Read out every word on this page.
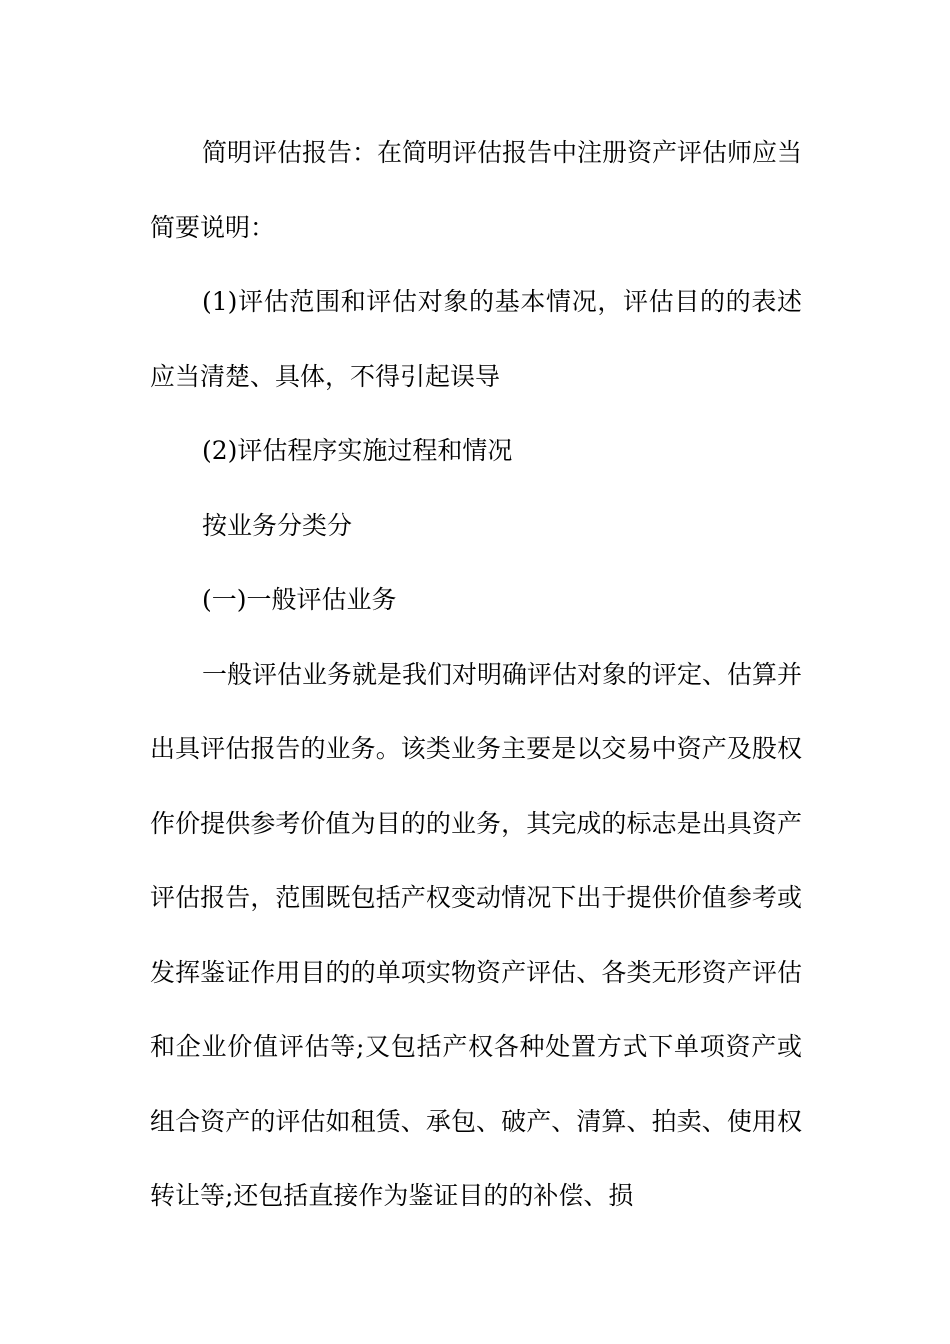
简明评估报告：在简明评估报告中注册资产评估师应当简要说明：

(1)评估范围和评估对象的基本情况，评估目的的表述应当清楚、具体，不得引起误导

(2)评估程序实施过程和情况

按业务分类分

(一)一般评估业务

一般评估业务就是我们对明确评估对象的评定、估算并出具评估报告的业务。该类业务主要是以交易中资产及股权作价提供参考价值为目的的业务，其完成的标志是出具资产评估报告，范围既包括产权变动情况下出于提供价值参考或发挥鉴证作用目的的单项实物资产评估、各类无形资产评估和企业价值评估等;又包括产权各种处置方式下单项资产或组合资产的评估如租赁、承包、破产、清算、拍卖、使用权转让等;还包括直接作为鉴证目的的补偿、损
